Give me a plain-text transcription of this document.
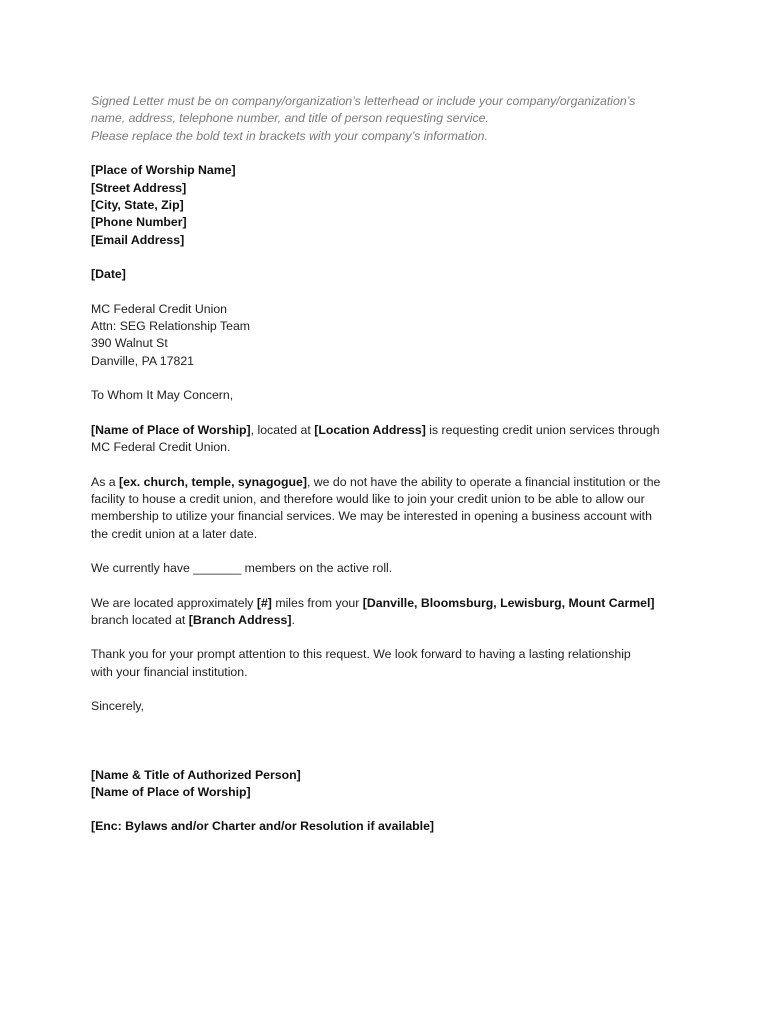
Signed Letter must be on company/organization’s letterhead or include your company/organization’s
name, address, telephone number, and title of person requesting service.
Please replace the bold text in brackets with your company’s information.
[Place of Worship Name]
[Street Address]
[City, State, Zip]
[Phone Number]
[Email Address]
[Date]
MC Federal Credit Union
Attn: SEG Relationship Team
390 Walnut St
Danville, PA 17821

To Whom It May Concern,

[Name of Place of Worship], located at [Location Address] is requesting credit union services through
MC Federal Credit Union.

As a [ex. church, temple, synagogue], we do not have the ability to operate a financial institution or the
facility to house a credit union, and therefore would like to join your credit union to be able to allow our
membership to utilize your financial services. We may be interested in opening a business account with
the credit union at a later date.

We currently have _______ members on the active roll.

We are located approximately [#] miles from your [Danville, Bloomsburg, Lewisburg, Mount Carmel]
branch located at [Branch Address].

Thank you for your prompt attention to this request. We look forward to having a lasting relationship
with your financial institution.

Sincerely,

[Name & Title of Authorized Person]
[Name of Place of Worship]
[Enc: Bylaws and/or Charter and/or Resolution if available]
